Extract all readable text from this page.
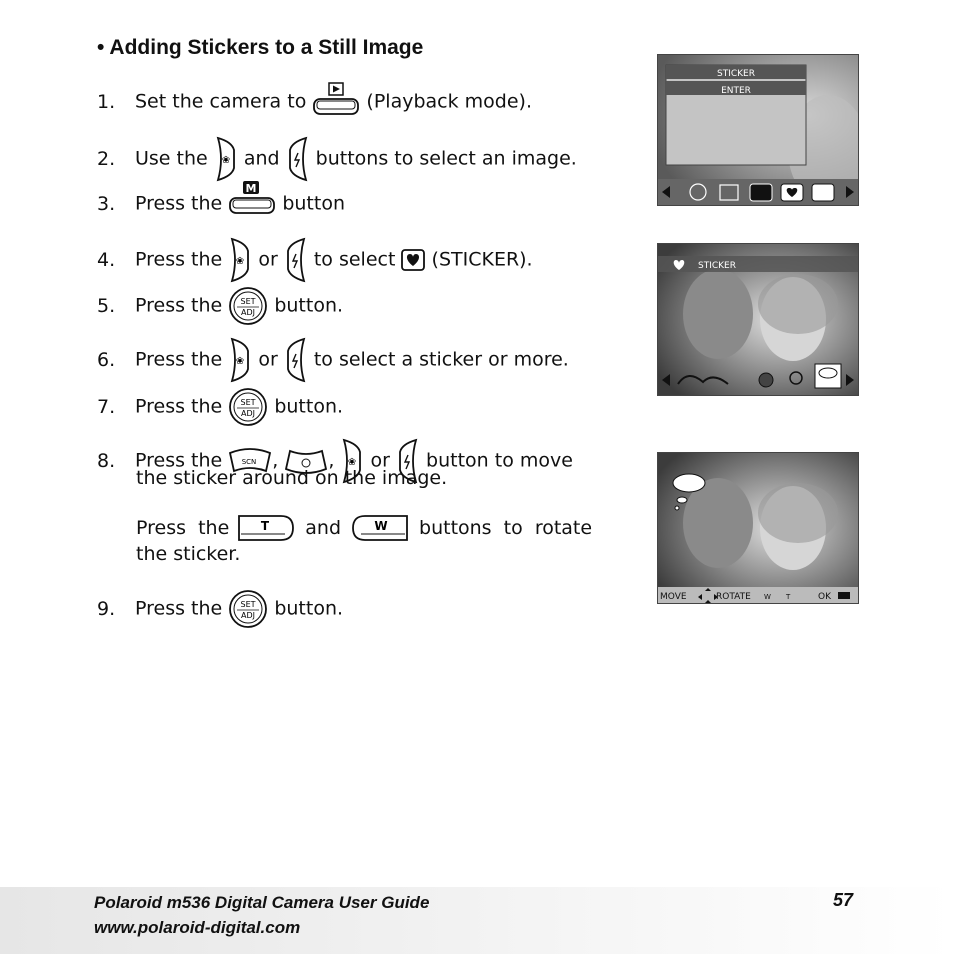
• Adding Stickers to a Still Image
1. Set the camera to	(Playback mode).
2. Use the ❀ and buttons to select an image.
3. Press the
M
button
4. Press the ❀ or to select (STICKER).
5. Press the SET
ADJ button.
6. Press the ❀ or to select a sticker or more.
7. Press the SET
ADJ button.
8. Press the	SCN ,	, ❀ or button to move
the sticker around on the image.
Press  the	T and	W buttons  to  rotate
the sticker.
9. Press the SET
ADJ button.
STICKER
ENTER
STICKER
MOVE	ROTATE W T	OK
Polaroid m536 Digital Camera User Guide
www.polaroid-digital.com
57
